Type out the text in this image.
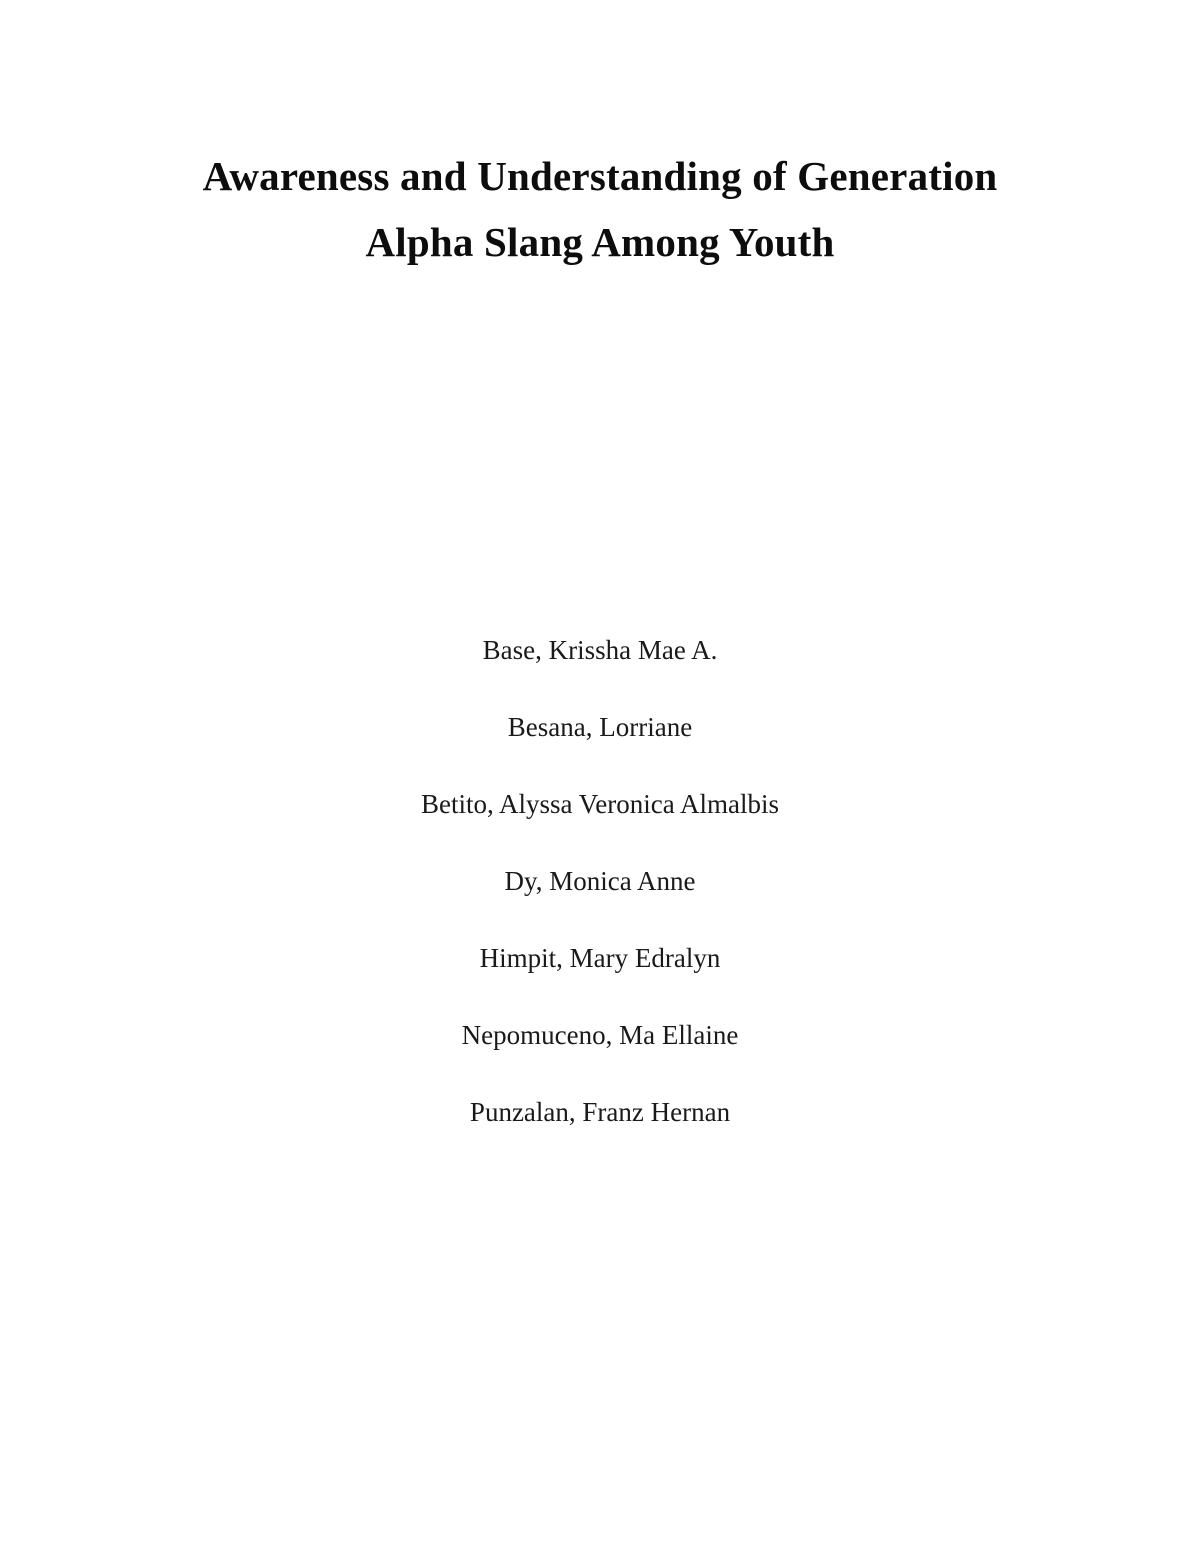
Awareness and Understanding of Generation
Alpha Slang Among Youth
Base, Krissha Mae A.
Besana, Lorriane
Betito, Alyssa Veronica Almalbis
Dy, Monica Anne
Himpit, Mary Edralyn
Nepomuceno, Ma Ellaine
Punzalan, Franz Hernan
